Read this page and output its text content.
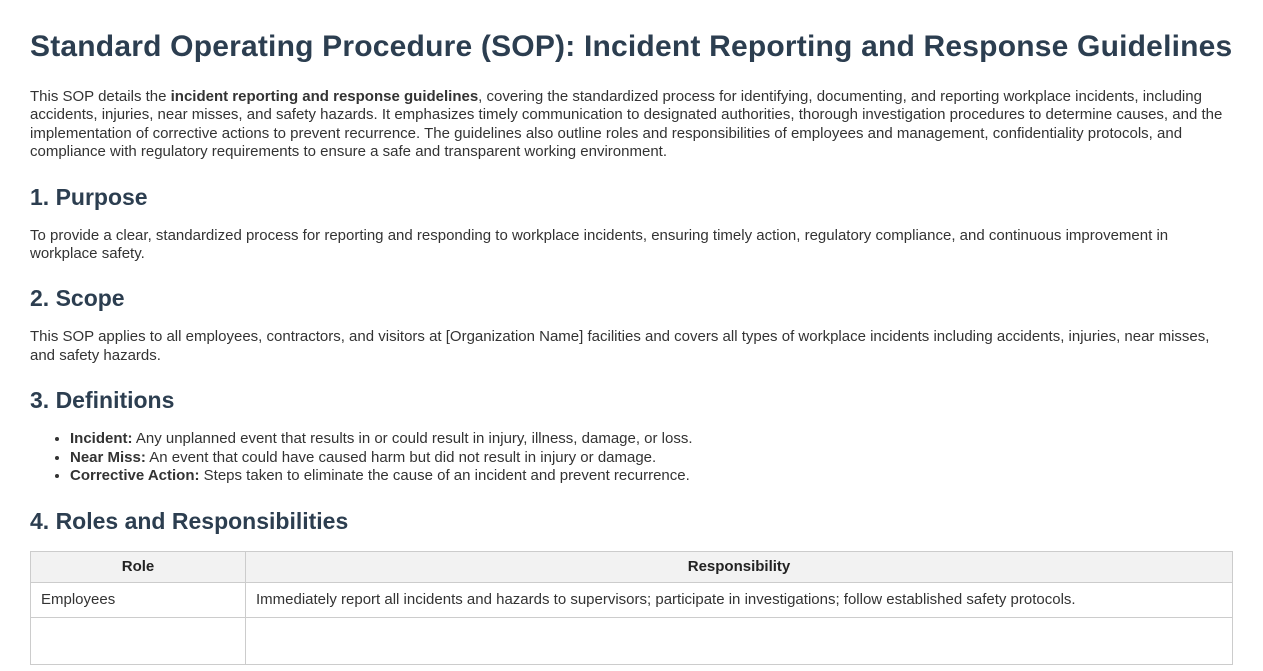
Standard Operating Procedure (SOP): Incident Reporting and Response Guidelines

This SOP details the incident reporting and response guidelines, covering the standardized process for identifying, documenting, and reporting workplace incidents, including accidents, injuries, near misses, and safety hazards. It emphasizes timely communication to designated authorities, thorough investigation procedures to determine causes, and the implementation of corrective actions to prevent recurrence. The guidelines also outline roles and responsibilities of employees and management, confidentiality protocols, and compliance with regulatory requirements to ensure a safe and transparent working environment.

1. Purpose

To provide a clear, standardized process for reporting and responding to workplace incidents, ensuring timely action, regulatory compliance, and continuous improvement in workplace safety.

2. Scope

This SOP applies to all employees, contractors, and visitors at [Organization Name] facilities and covers all types of workplace incidents including accidents, injuries, near misses, and safety hazards.

3. Definitions
• Incident: Any unplanned event that results in or could result in injury, illness, damage, or loss.
• Near Miss: An event that could have caused harm but did not result in injury or damage.
• Corrective Action: Steps taken to eliminate the cause of an incident and prevent recurrence.
4. Roles and Responsibilities
Role	Responsibility
Employees	Immediately report all incidents and hazards to supervisors; participate in investigations; follow established safety protocols.
